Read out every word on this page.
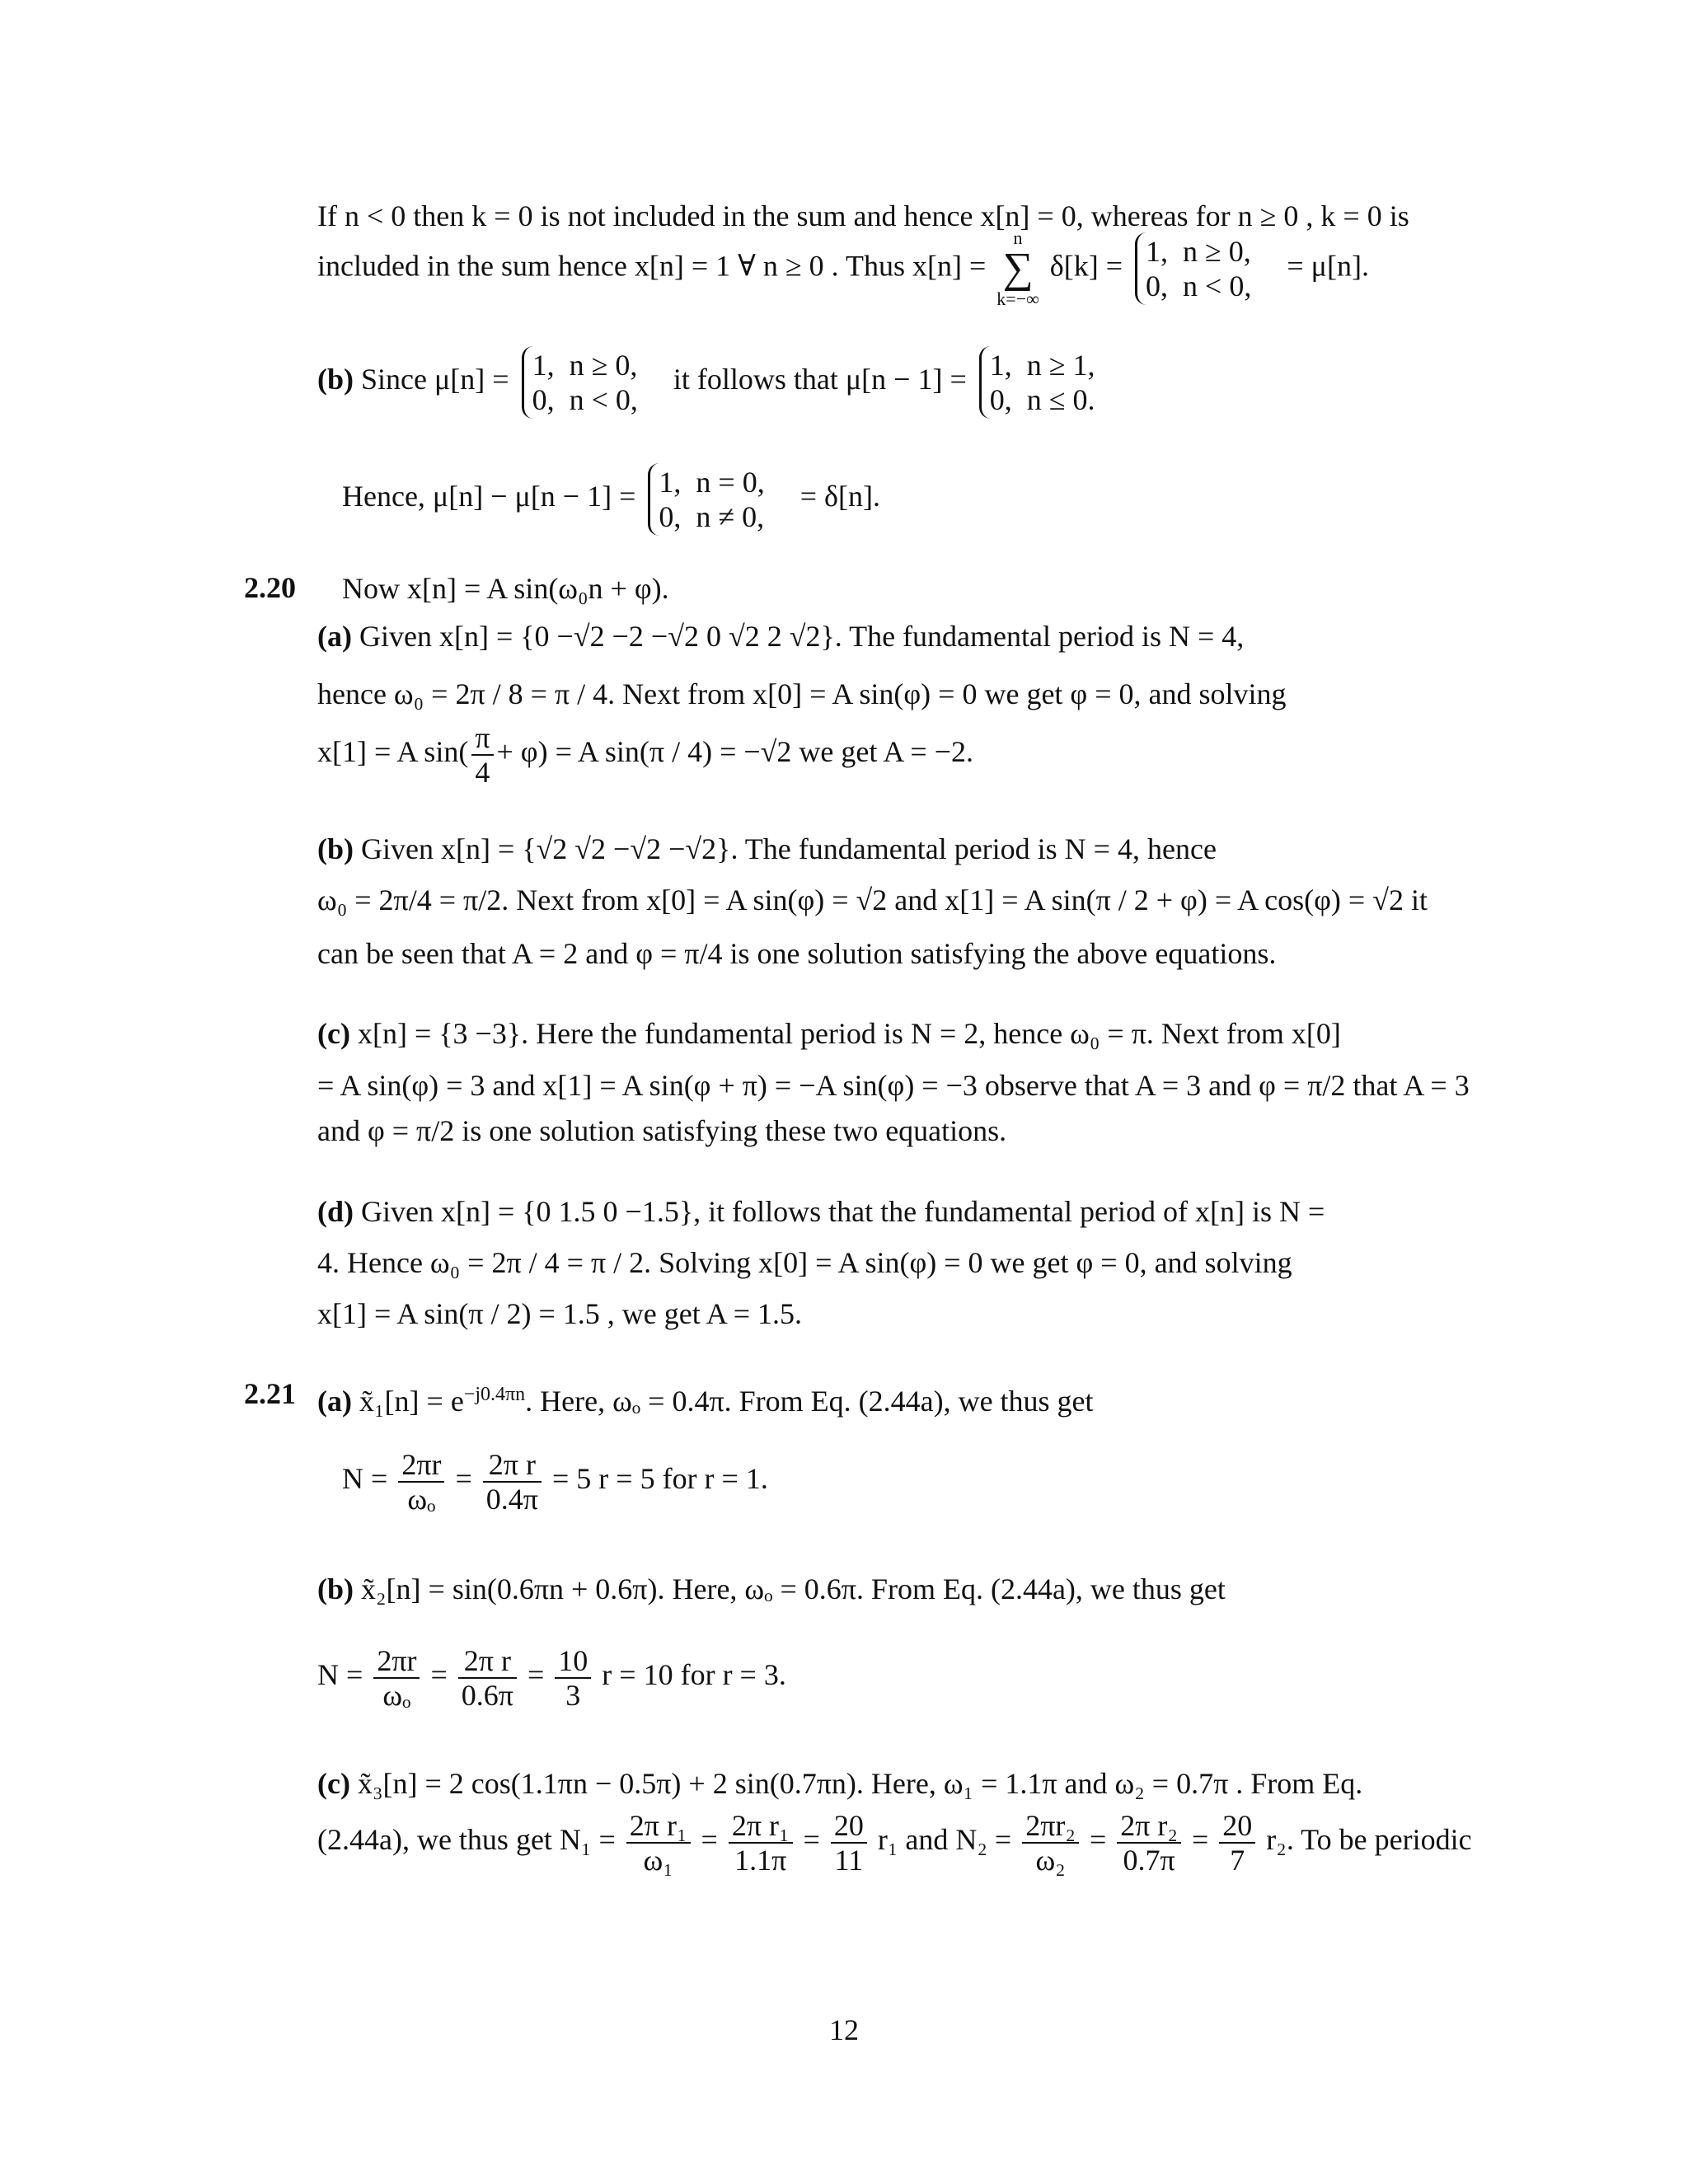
If n < 0 then k = 0 is not included in the sum and hence x[n] = 0, whereas for n ≥ 0 , k = 0 is
included in the sum hence x[n] = 1 ∀ n ≥ 0 . Thus x[n] =
n
∑
k=−∞
δ[k] = 1,	n ≥ 0,
0,	n < 0,
= μ[n].
(b) Since μ[n] = 1,	n ≥ 0,
0,	n < 0,
it follows that μ[n − 1] = 1,	n ≥ 1,
0,	n ≤ 0.
Hence, μ[n] − μ[n − 1] = 1,	n = 0,
0,	n ≠ 0,
= δ[n].
2.20 Now x[n] = A sin(ω₀n + φ).
(a) Given x[n] = {0 −√2 −2 −√2 0 √2 2 √2}. The fundamental period is N = 4,
hence ω₀ = 2π / 8 = π / 4. Next from x[0] = A sin(φ) = 0 we get φ = 0, and solving
x[1] = A $\sin( \frac{\pi}{4} + \varphi) = A$ sin(π / 4) = −√2 we get A = −2.
(b) Given x[n] = {√2 √2 −√2 −√2}. The fundamental period is N = 4, hence
ω₀ = 2π/4 = π/2. Next from x[0] = A sin(φ) = √2 and x[1] = A sin(π / 2 + φ) = A cos(φ) = √2 it
can be seen that A = 2 and φ = π/4 is one solution satisfying the above equations.
(c) x[n] = {3 −3}. Here the fundamental period is N = 2, hence ω₀ = π. Next from x[0]
= A sin(φ) = 3 and x[1] = A sin(φ + π) = −A sin(φ) = −3 observe that A = 3 and φ = π/2 that A = 3
and φ = π/2 is one solution satisfying these two equations.
(d) Given x[n] = {0 1.5 0 −1.5}, it follows that the fundamental period of x[n] is N =
4. Hence ω₀ = 2π / 4 = π / 2. Solving x[0] = A sin(φ) = 0 we get φ = 0, and solving
x[1] = A sin(π / 2) = 1.5 , we get A = 1.5.
2.21 (a) x̃₁[n] = $e^{-j0.4\pi n}$. Here, ωₒ = 0.4π. From Eq. (2.44a), we thus get
$N = \frac{2\pi r}{\text{ωₒ}} = \frac{\text{2π r}}{0.4\pi} = 5$ r = 5 for r = 1.
(b) x̃₂[n] = sin(0.6πn + 0.6π). Here, ωₒ = 0.6π. From Eq. (2.44a), we thus get
$N = \frac{2\pi r}{\text{ωₒ}} = \frac{\text{2π r}}{0.6\pi} = \frac{10}{3}$ r = 10 for r = 3.
(c) x̃₃[n] = 2 cos(1.1πn − 0.5π) + 2 sin(0.7πn). Here, ω₁ = 1.1π and ω₂ = 0.7π . From Eq.
(2.44a), we thus get $N_1 = \frac{\text{2π r₁}}{\text{ω₁}} = \frac{\text{2π r₁}}{1.1\pi} = \frac{20}{11} r_1$ and $N_2 = \frac{\text{2πr₂}}{\text{ω₂}} = \frac{\text{2π r₂}}{0.7\pi} = \frac{20}{7} r_2$. To be periodic
12
